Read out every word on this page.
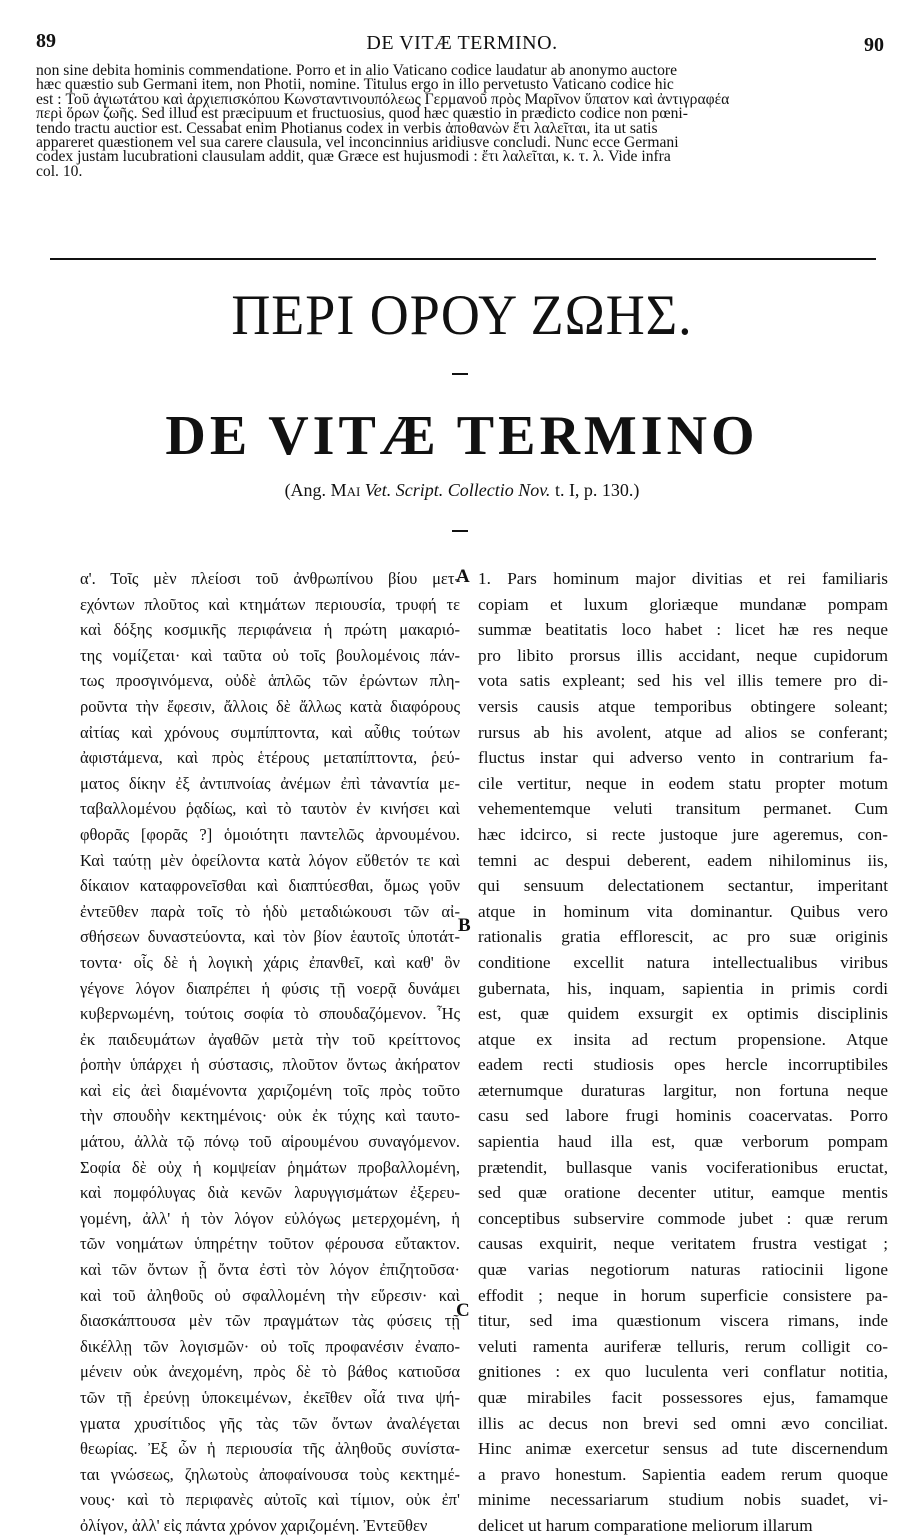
89	DE VITÆ TERMINO.	90
non sine debita hominis commendatione. Porro et in alio Vaticano codice laudatur ab anonymo auctore
hæc quæstio sub Germani item, non Photii, nomine. Titulus ergo in illo pervetusto Vaticano codice hic
est : Τοῦ ἁγιωτάτου καὶ ἀρχιεπισκόπου Κωνσταντινουπόλεως Γερμανοῦ πρὸς Μαρῖνον ὕπατον καὶ ἀντιγραφέα
περὶ ὅρων ζωῆς. Sed illud est præcipuum et fructuosius, quod hæc quæstio in prædicto codice non pœni-
tendo tractu auctior est. Cessabat enim Photianus codex in verbis ἀποθανὼν ἔτι λαλεῖται, ita ut satis
appareret quæstionem vel sua carere clausula, vel inconcinnius aridiusve concludi. Nunc ecce Germani
codex justam lucubrationi clausulam addit, quæ Græce est hujusmodi : ἔτι λαλεῖται, κ. τ. λ. Vide infra
col. 10.
ΠΕΡΙ ΟΡΟΥ ΖΩΗΣ.
DE VITÆ TERMINO
(Ang. Mai Vet. Script. Collectio Nov. t. I, p. 130.)
α'. Τοῖς μὲν πλείοσι τοῦ ἀνθρωπίνου βίου μετ-
εχόντων πλοῦτος καὶ κτημάτων περιουσία, τρυφή τε
καὶ δόξης κοσμικῆς περιφάνεια ἡ πρώτη μακαριό-
της νομίζεται· καὶ ταῦτα οὐ τοῖς βουλομένοις πάν-
τως προσγινόμενα, οὐδὲ ἁπλῶς τῶν ἐρώντων πλη-
ροῦντα τὴν ἔφεσιν, ἄλλοις δὲ ἄλλως κατὰ διαφόρους
αἰτίας καὶ χρόνους συμπίπτοντα, καὶ αὖθις τούτων
ἀφιστάμενα, καὶ πρὸς ἑτέρους μεταπίπτοντα, ῥεύ-
ματος δίκην ἐξ ἀντιπνοίας ἀνέμων ἐπὶ τἀναντία με-
ταβαλλομένου ῥᾳδίως, καὶ τὸ ταυτὸν ἐν κινήσει καὶ
φθορᾶς [φορᾶς ?] ὁμοιότητι παντελῶς ἀρνουμένου.
Καὶ ταύτῃ μὲν ὀφείλοντα κατὰ λόγον εὔθετόν τε καὶ
δίκαιον καταφρονεῖσθαι καὶ διαπτύεσθαι, ὅμως γοῦν
ἐντεῦθεν παρὰ τοῖς τὸ ἡδὺ μεταδιώκουσι τῶν αἰ-
σθήσεων δυναστεύοντα, καὶ τὸν βίον ἑαυτοῖς ὑποτάτ-
τοντα· οἷς δὲ ἡ λογικὴ χάρις ἐπανθεῖ, καὶ καθ' ὃν
γέγονε λόγον διαπρέπει ἡ φύσις τῇ νοερᾷ δυνάμει
κυβερνωμένη, τούτοις σοφία τὸ σπουδαζόμενον. Ἧς
ἐκ παιδευμάτων ἀγαθῶν μετὰ τὴν τοῦ κρείττονος
ῥοπὴν ὑπάρχει ἡ σύστασις, πλοῦτον ὄντως ἀκήρατον
καὶ εἰς ἀεὶ διαμένοντα χαριζομένη τοῖς πρὸς τοῦτο
τὴν σπουδὴν κεκτημένοις· οὐκ ἐκ τύχης καὶ ταυτο-
μάτου, ἀλλὰ τῷ πόνῳ τοῦ αἱρουμένου συναγόμενον.
Σοφία δὲ οὐχ ἡ κομψείαν ῥημάτων προβαλλομένη,
καὶ πομφόλυγας διὰ κενῶν λαρυγγισμάτων ἐξερευ-
γομένη, ἀλλ' ἡ τὸν λόγον εὐλόγως μετερχομένη, ἡ
τῶν νοημάτων ὑπηρέτην τοῦτον φέρουσα εὔτακτον.
καὶ τῶν ὄντων ᾗ ὄντα ἐστὶ τὸν λόγον ἐπιζητοῦσα·
καὶ τοῦ ἀληθοῦς οὐ σφαλλομένη τὴν εὕρεσιν· καὶ
διασκάπτουσα μὲν τῶν πραγμάτων τὰς φύσεις τῇ
δικέλλῃ τῶν λογισμῶν· οὐ τοῖς προφανέσιν ἐναπο-
μένειν οὐκ ἀνεχομένη, πρὸς δὲ τὸ βάθος κατιοῦσα
τῶν τῇ ἐρεύνῃ ὑποκειμένων, ἐκεῖθεν οἷά τινα ψή-
γματα χρυσίτιδος γῆς τὰς τῶν ὄντων ἀναλέγεται
θεωρίας. Ἐξ ὧν ἡ περιουσία τῆς ἀληθοῦς συνίστα-
ται γνώσεως, ζηλωτοὺς ἀποφαίνουσα τοὺς κεκτημέ-
νους· καὶ τὸ περιφανὲς αὐτοῖς καὶ τίμιον, οὐκ ἐπ'
ὀλίγον, ἀλλ' εἰς πάντα χρόνον χαριζομένη. Ἐντεῦθεν
1. Pars hominum major divitias et rei familiaris
copiam et luxum gloriæque mundanæ pompam
summæ beatitatis loco habet : licet hæ res neque
pro libito prorsus illis accidant, neque cupidorum
vota satis expleant; sed his vel illis temere pro di-
versis causis atque temporibus obtingere soleant;
rursus ab his avolent, atque ad alios se conferant;
fluctus instar qui adverso vento in contrarium fa-
cile vertitur, neque in eodem statu propter motum
vehementemque veluti transitum permanet. Cum
hæc idcirco, si recte justoque jure ageremus, con-
temni ac despui deberent, eadem nihilominus iis,
qui sensuum delectationem sectantur, imperitant
atque in hominum vita dominantur. Quibus vero
rationalis gratia efflorescit, ac pro suæ originis
conditione excellit natura intellectualibus viribus
gubernata, his, inquam, sapientia in primis cordi
est, quæ quidem exsurgit ex optimis disciplinis
atque ex insita ad rectum propensione. Atque
eadem recti studiosis opes hercle incorruptibiles
æternumque duraturas largitur, non fortuna neque
casu sed labore frugi hominis coacervatas. Porro
sapientia haud illa est, quæ verborum pompam
prætendit, bullasque vanis vociferationibus eructat,
sed quæ oratione decenter utitur, eamque mentis
conceptibus subservire commode jubet : quæ rerum
causas exquirit, neque veritatem frustra vestigat ;
quæ varias negotiorum naturas ratiocinii ligone
effodit ; neque in horum superficie consistere pa-
titur, sed ima quæstionum viscera rimans, inde
veluti ramenta auriferæ telluris, rerum colligit co-
gnitiones : ex quo luculenta veri conflatur notitia,
quæ mirabiles facit possessores ejus, famamque
illis ac decus non brevi sed omni ævo conciliat.
Hinc animæ exercetur sensus ad tute discernendum
a pravo honestum. Sapientia eadem rerum quoque
minime necessariarum studium nobis suadet, vi-
delicet ut harum comparatione meliorum illarum
A
B
C
